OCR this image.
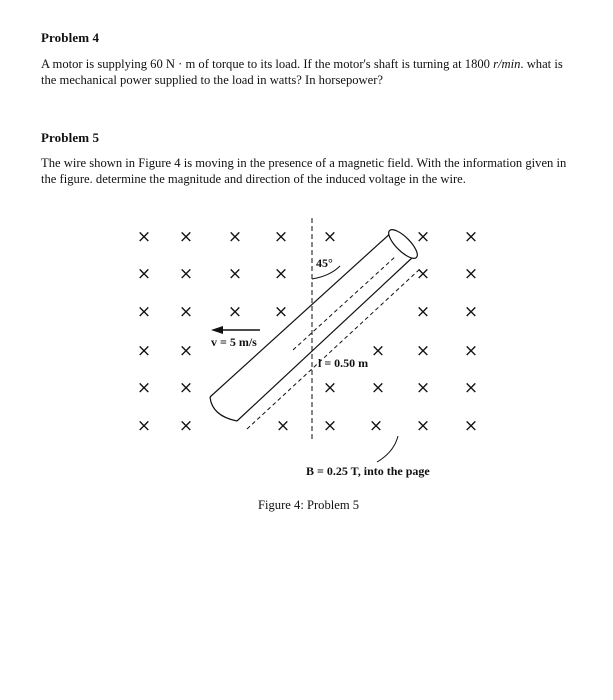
Problem 4
A motor is supplying 60 N · m of torque to its load. If the motor's shaft is turning at 1800 r/min. what is the mechanical power supplied to the load in watts? In horsepower?
Problem 5
The wire shown in Figure 4 is moving in the presence of a magnetic field. With the information given in the figure. determine the magnitude and direction of the induced voltage in the wire.
× × × × ×	× ×
× × × ×	× ×
× × × ×	× ×
× ×	× × ×
× ×	× × × ×
× ×	× × × × ×
45°
v = 5 m/s
l = 0.50 m
B = 0.25 T, into the page
Figure 4: Problem 5
